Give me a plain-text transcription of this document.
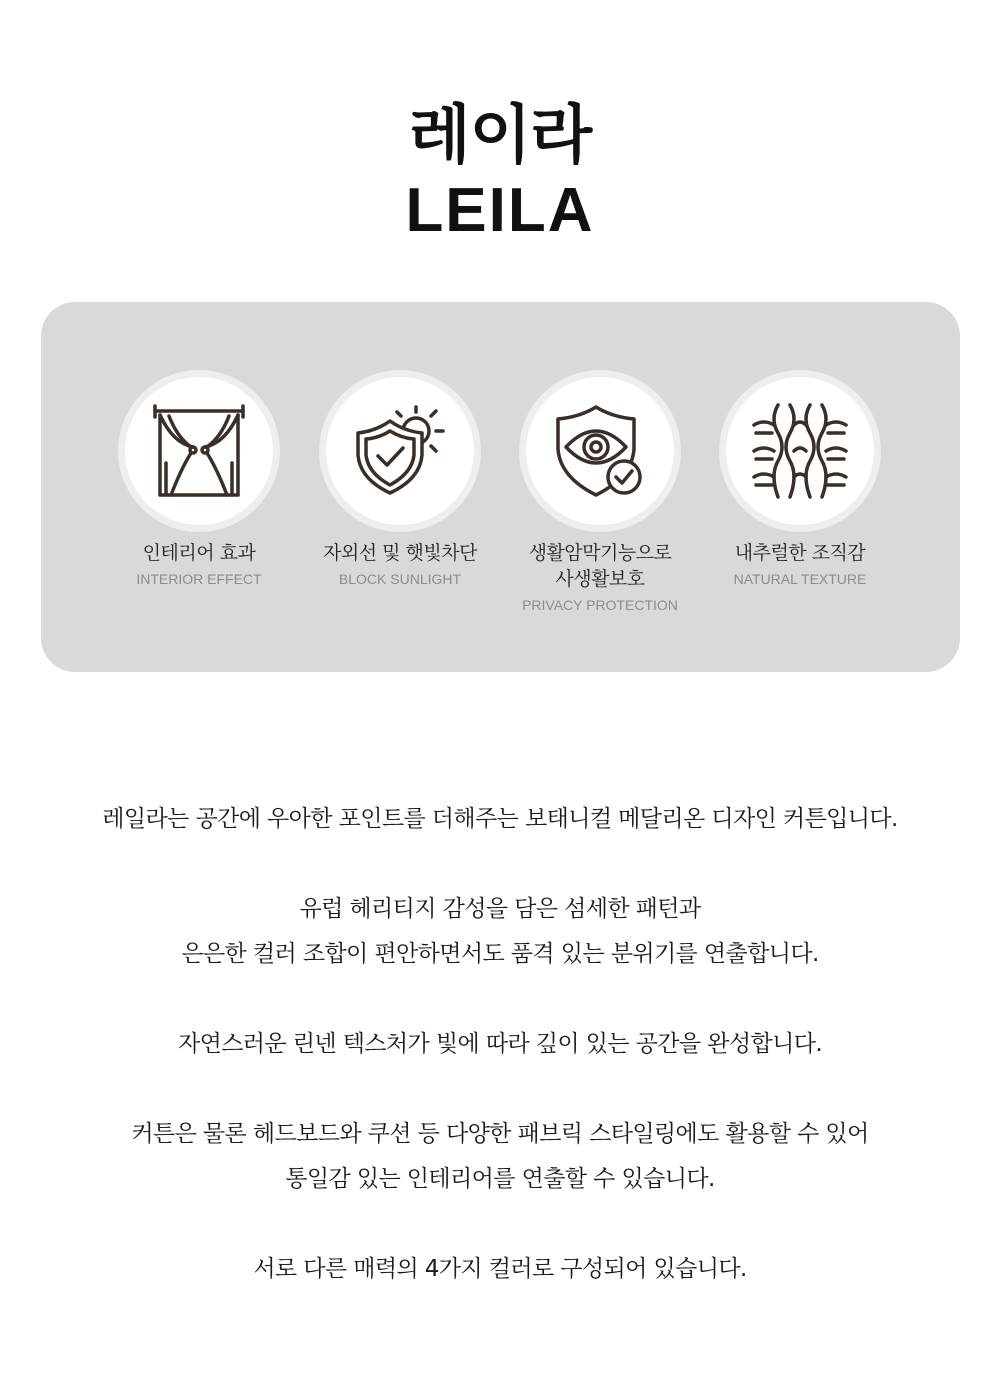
레이라
LEILA
인테리어 효과
INTERIOR EFFECT
자외선 및 햇빛차단
BLOCK SUNLIGHT
생활암막기능으로
사생활보호
PRIVACY PROTECTION
내추럴한 조직감
NATURAL TEXTURE

레일라는 공간에 우아한 포인트를 더해주는 보태니컬 메달리온 디자인 커튼입니다.

유럽 헤리티지 감성을 담은 섬세한 패턴과

은은한 컬러 조합이 편안하면서도 품격 있는 분위기를 연출합니다.

자연스러운 린넨 텍스처가 빛에 따라 깊이 있는 공간을 완성합니다.

커튼은 물론 헤드보드와 쿠션 등 다양한 패브릭 스타일링에도 활용할 수 있어

통일감 있는 인테리어를 연출할 수 있습니다.

서로 다른 매력의 4가지 컬러로 구성되어 있습니다.
